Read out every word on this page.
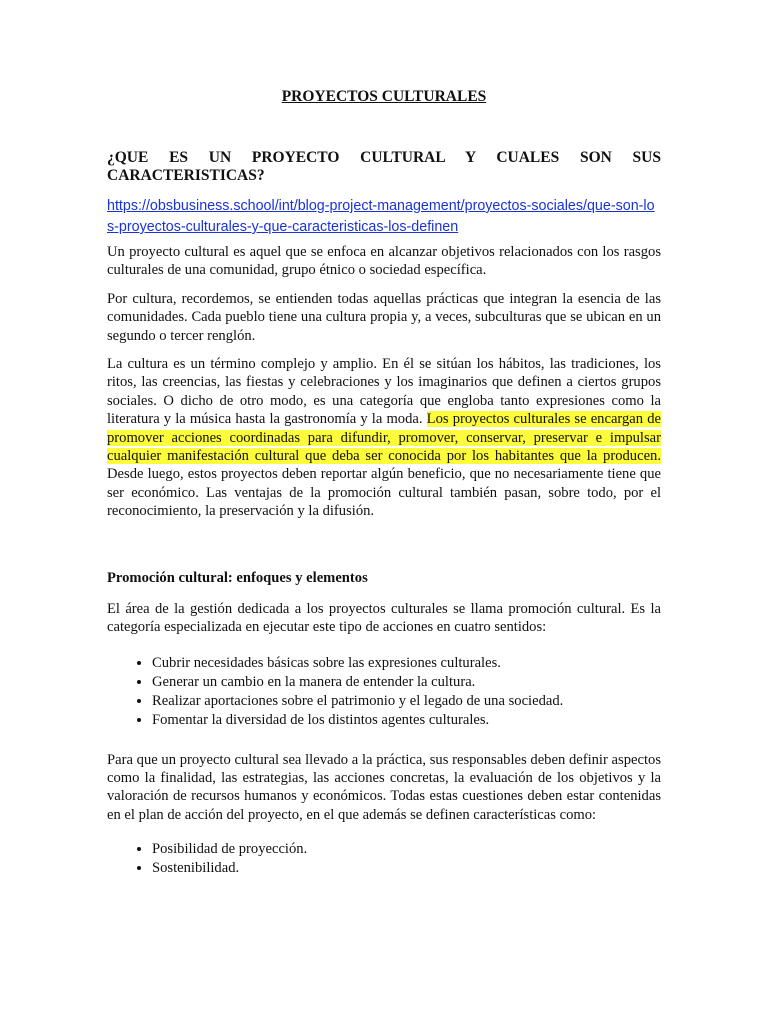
PROYECTOS CULTURALES
¿QUE ES UN PROYECTO CULTURAL Y CUALES SON SUS CARACTERISTICAS?
https://obsbusiness.school/int/blog-project-management/proyectos-sociales/que-son-los-proyectos-culturales-y-que-caracteristicas-los-definen

Un proyecto cultural es aquel que se enfoca en alcanzar objetivos relacionados con los rasgos culturales de una comunidad, grupo étnico o sociedad específica.

Por cultura, recordemos, se entienden todas aquellas prácticas que integran la esencia de las comunidades. Cada pueblo tiene una cultura propia y, a veces, subculturas que se ubican en un segundo o tercer renglón.

La cultura es un término complejo y amplio. En él se sitúan los hábitos, las tradiciones, los ritos, las creencias, las fiestas y celebraciones y los imaginarios que definen a ciertos grupos sociales. O dicho de otro modo, es una categoría que engloba tanto expresiones como la literatura y la música hasta la gastronomía y la moda. Los proyectos culturales se encargan de promover acciones coordinadas para difundir, promover, conservar, preservar e impulsar cualquier manifestación cultural que deba ser conocida por los habitantes que la producen. Desde luego, estos proyectos deben reportar algún beneficio, que no necesariamente tiene que ser económico. Las ventajas de la promoción cultural también pasan, sobre todo, por el reconocimiento, la preservación y la difusión.

Promoción cultural: enfoques y elementos

El área de la gestión dedicada a los proyectos culturales se llama promoción cultural. Es la categoría especializada en ejecutar este tipo de acciones en cuatro sentidos:

• Cubrir necesidades básicas sobre las expresiones culturales.
• Generar un cambio en la manera de entender la cultura.
• Realizar aportaciones sobre el patrimonio y el legado de una sociedad.
• Fomentar la diversidad de los distintos agentes culturales.

Para que un proyecto cultural sea llevado a la práctica, sus responsables deben definir aspectos como la finalidad, las estrategias, las acciones concretas, la evaluación de los objetivos y la valoración de recursos humanos y económicos. Todas estas cuestiones deben estar contenidas en el plan de acción del proyecto, en el que además se definen características como:

• Posibilidad de proyección.
• Sostenibilidad.
